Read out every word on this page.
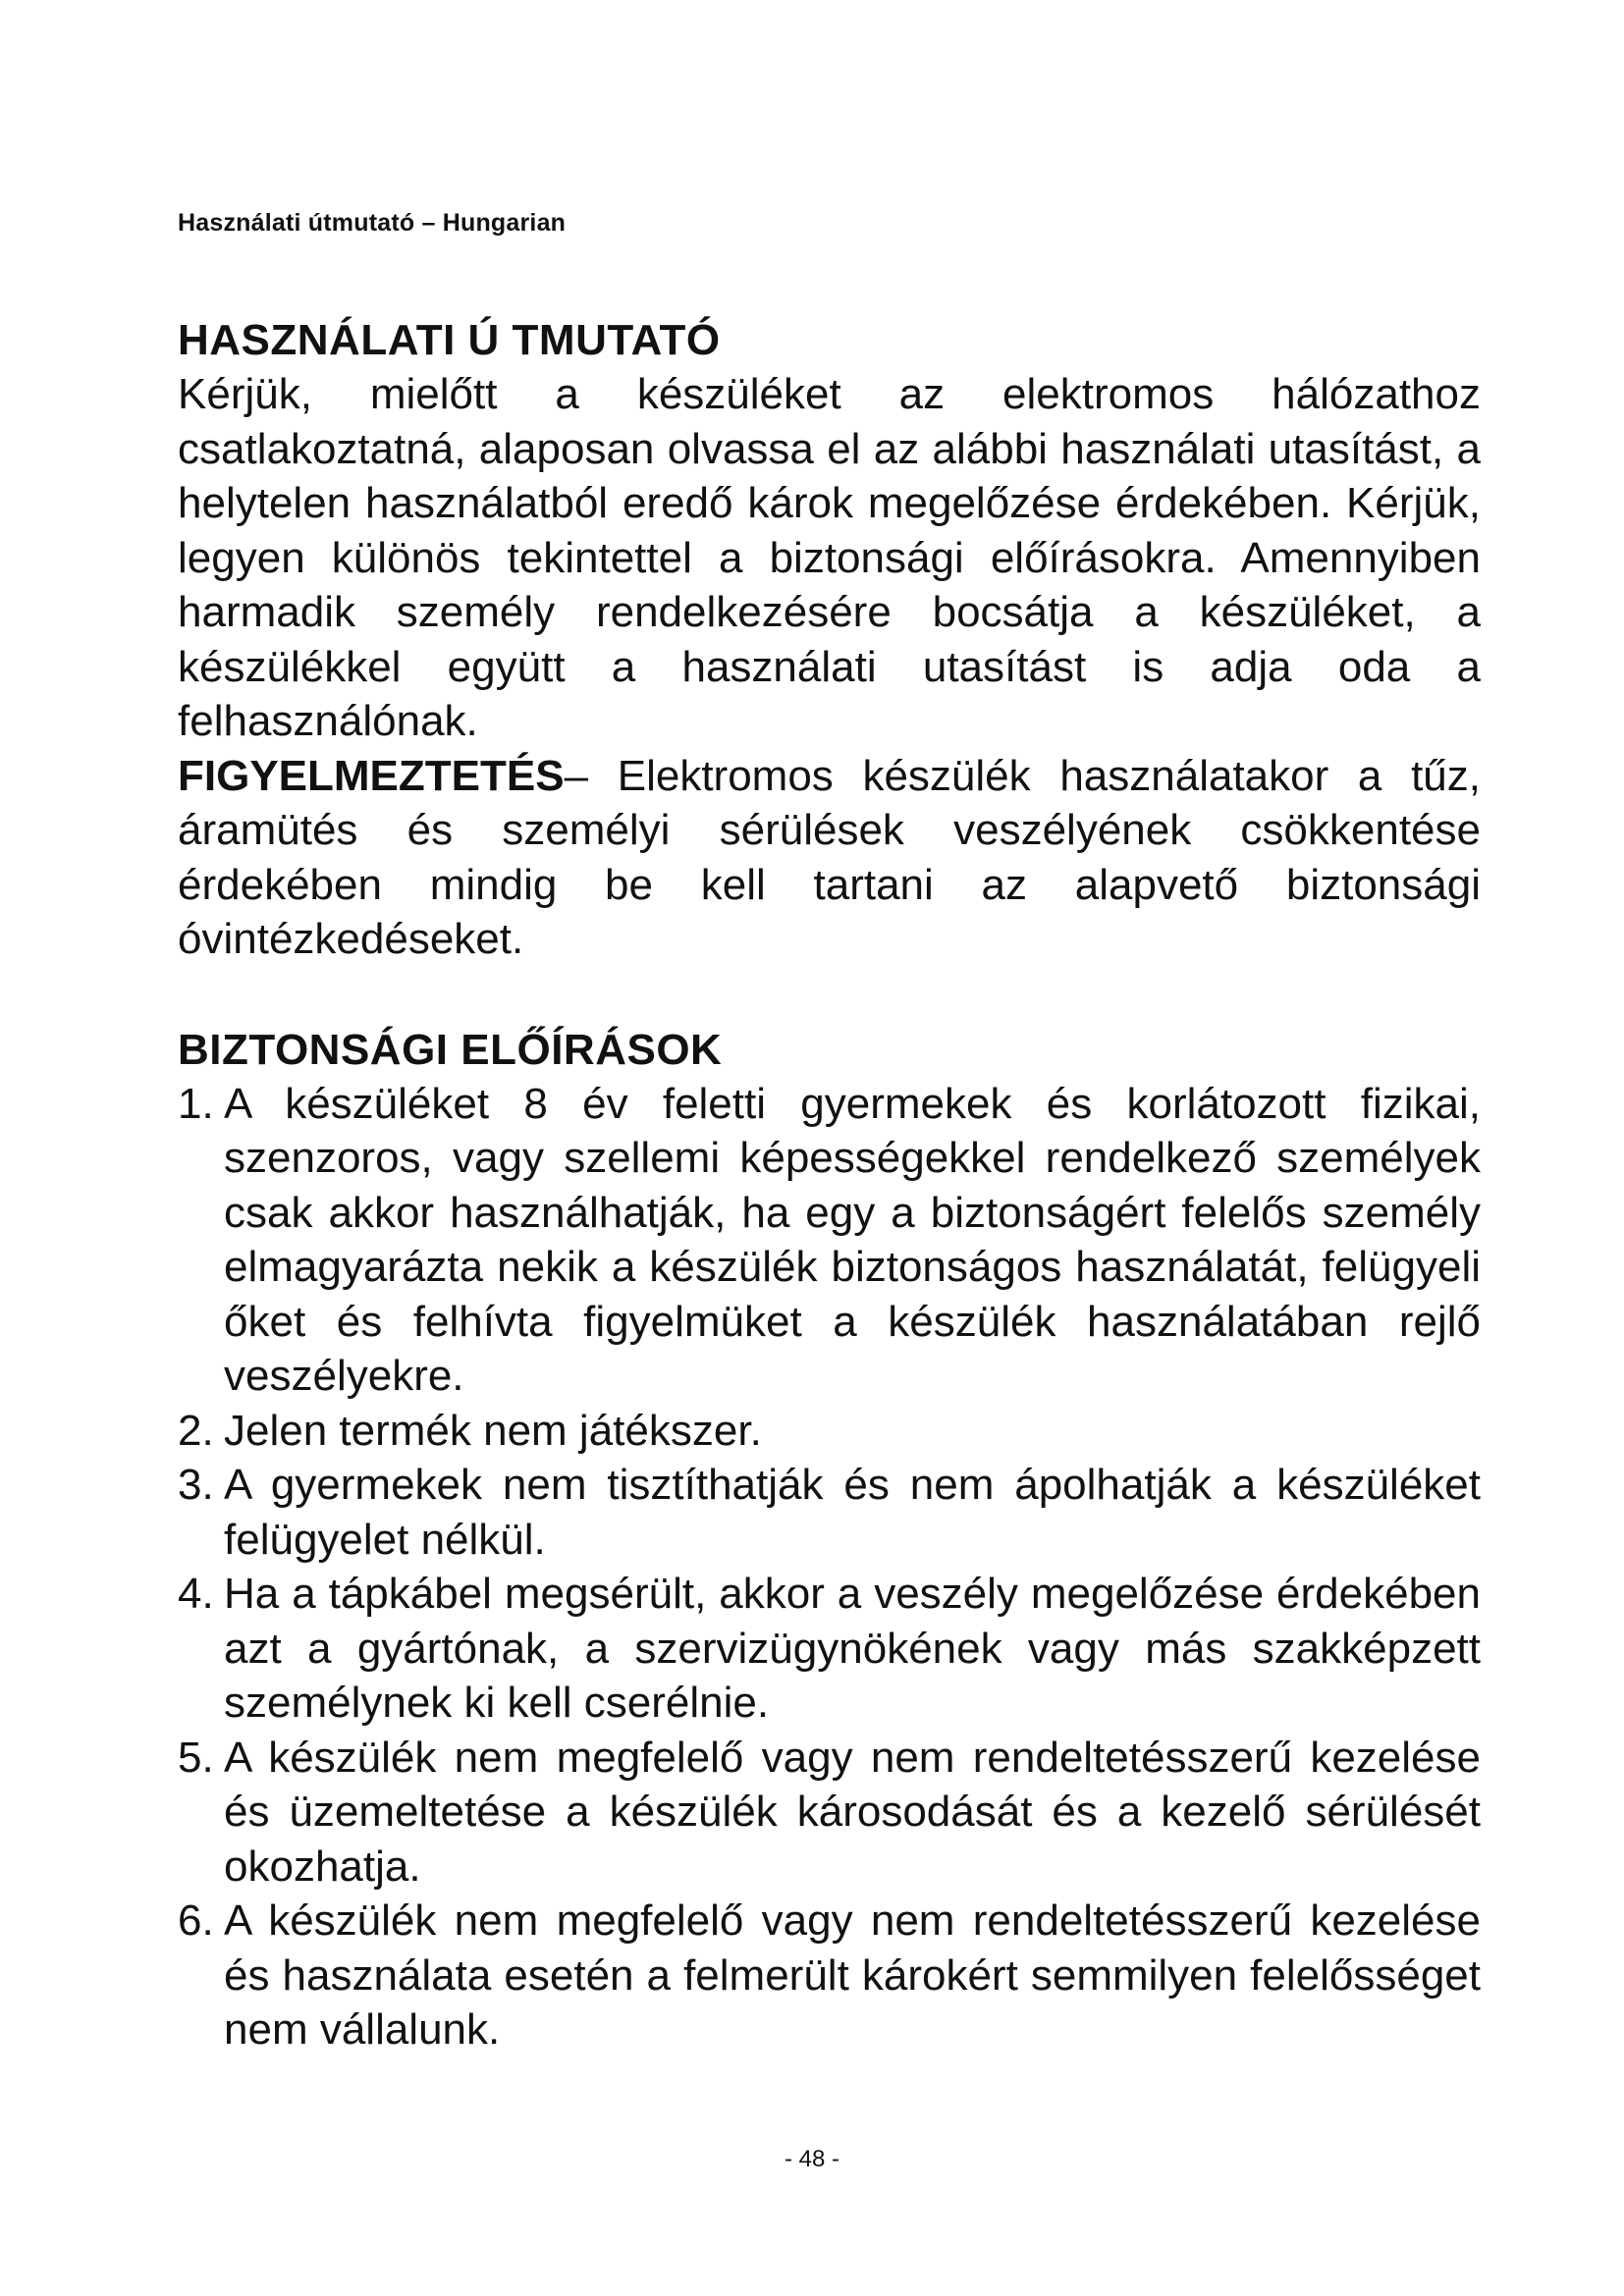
Használati útmutató – Hungarian
HASZNÁLATI Ú TMUTATÓ

Kérjük, mielőtt a készüléket az elektromos hálózathoz csatlakoztatná, alaposan olvassa el az alábbi használati utasítást, a helytelen használatból eredő károk megelőzése érdekében. Kérjük, legyen különös tekintettel a biztonsági előírásokra. Amennyiben harmadik személy rendelkezésére bocsátja a készüléket, a készülékkel együtt a használati utasítást is adja oda a felhasználónak.

FIGYELMEZTETÉS– Elektromos készülék használatakor a tűz, áramütés és személyi sérülések veszélyének csökkentése érdekében mindig be kell tartani az alapvető biztonsági óvintézkedéseket.

BIZTONSÁGI ELŐÍRÁSOK
1. A készüléket 8 év feletti gyermekek és korlátozott fizikai, szenzoros, vagy szellemi képességekkel rendelkező személyek csak akkor használhatják, ha egy a biztonságért felelős személy elmagyarázta nekik a készülék biztonságos használatát, felügyeli őket és felhívta figyelmüket a készülék használatában rejlő veszélyekre.
2. Jelen termék nem játékszer.
3. A gyermekek nem tisztíthatják és nem ápolhatják a készüléket felügyelet nélkül.
4. Ha a tápkábel megsérült, akkor a veszély megelőzése érdekében azt a gyártónak, a szervizügynökének vagy más szakképzett személynek ki kell cserélnie.
5. A készülék nem megfelelő vagy nem rendeltetésszerű kezelése és üzemeltetése a készülék károsodását és a kezelő sérülését okozhatja.
6. A készülék nem megfelelő vagy nem rendeltetésszerű kezelése és használata esetén a felmerült károkért semmilyen felelősséget nem vállalunk.
- 48 -
